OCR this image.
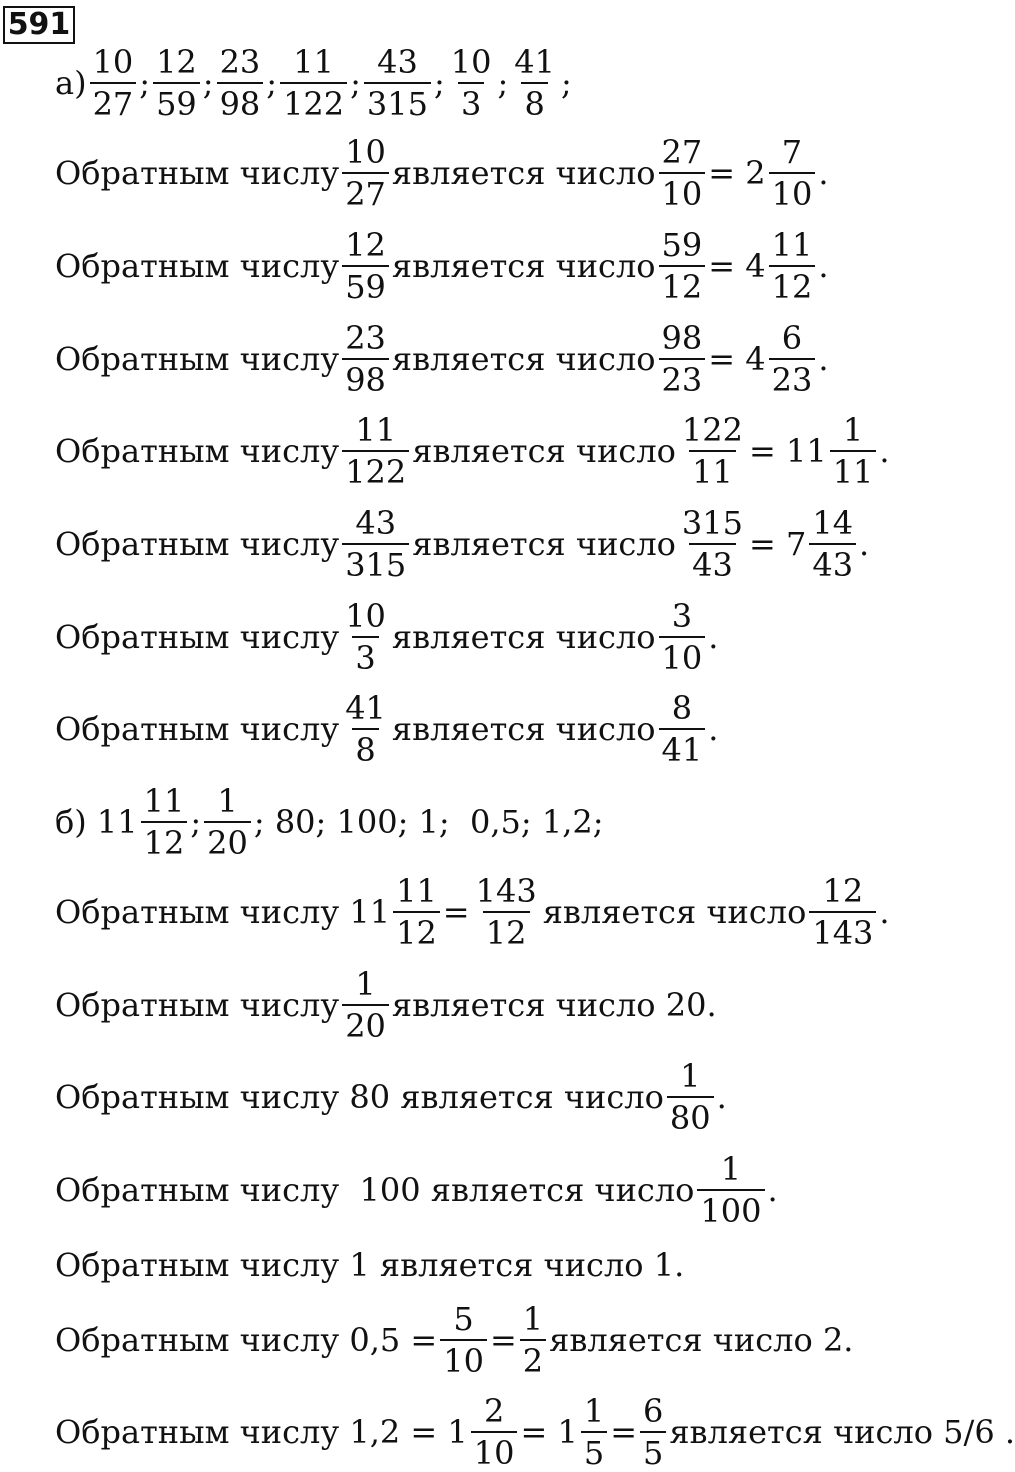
591
$а) \frac{10}{27}$ ; $\frac{12}{59}$ ; $\frac{23}{98}$ ; $\frac{11}{122}$ ; $\frac{43}{315}$ ; $\frac{10}{3}$ ; $\frac{41}{8}$ ;
Обратным числу $\frac{10}{27}$ является число $\frac{27}{10} = 2 \frac{7}{10}$ .
Обратным числу $\frac{12}{59}$ является число $\frac{59}{12} = 4 \frac{11}{12}$ .
Обратным числу $\frac{23}{98}$ является число $\frac{98}{23} = 4 \frac{6}{23}$ .
Обратным числу $\frac{11}{122}$ является число $\frac{122}{11} = 11 \frac{1}{11}$ .
Обратным числу $\frac{43}{315}$ является число $\frac{315}{43} = 7 \frac{14}{43}$ .
Обратным числу $\frac{10}{3}$ является число $\frac{3}{10}$ .
Обратным числу $\frac{41}{8}$ является число $\frac{8}{41}$ .
б) $11 \frac{11}{12}$ ; $\frac{1}{20}$ ; 80; 100; 1;  0,5; 1,2;
Обратным числу $11 \frac{11}{12} = \frac{143}{12}$ является число $\frac{12}{143}$ .
Обратным числу $\frac{1}{20}$ является число 20.
Обратным числу 80 является число $\frac{1}{80}$ .
Обратным числу  100 является число $\frac{1}{100}$ .
Обратным числу 1 является число 1.
Обратным числу $0,5 = \frac{5}{10} = \frac{1}{2}$ является число 2.
Обратным числу $1,2 = 1 \frac{2}{10} = 1 \frac{1}{5} = \frac{6}{5}$ является число 5/6 .
